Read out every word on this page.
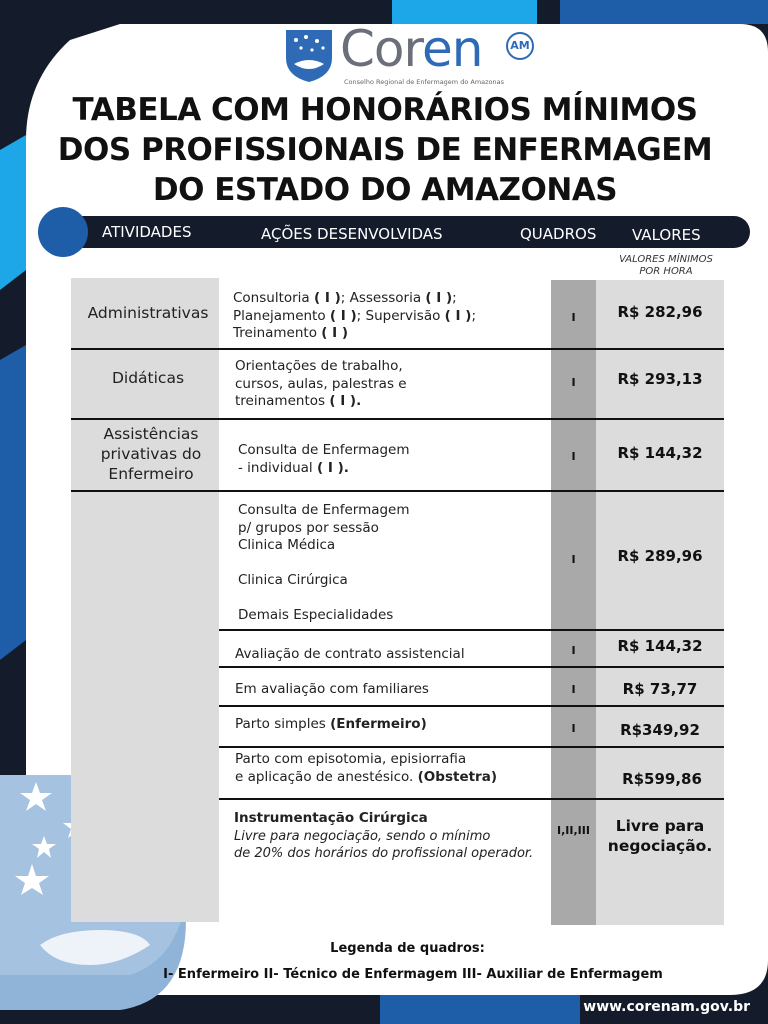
Coren	AM
Conselho Regional de Enfermagem do Amazonas
TABELA COM HONORÁRIOS MÍNIMOS
DOS PROFISSIONAIS DE ENFERMAGEM
DO ESTADO DO AMAZONAS
ATIVIDADES	AÇÕES DESENVOLVIDAS	QUADROS VALORES
VALORES MÍNIMOS
POR HORA
Administrativas
Consultoria ( I ); Assessoria ( I );
Planejamento ( I ); Supervisão ( I );
Treinamento ( I )
I	R$ 282,96
Didáticas
Orientações de trabalho,
cursos, aulas, palestras e
treinamentos ( I ).
I	R$ 293,13
Assistências
privativas do
Enfermeiro
Consulta de Enfermagem
- individual ( I ).
I	R$ 144,32
Consulta de Enfermagem
p/ grupos por sessão
Clinica Médica

Clinica Cirúrgica

Demais Especialidades
I	R$ 289,96
Avaliação de contrato assistencial	I	R$ 144,32
Em avaliação com familiares	I	R$ 73,77
Parto simples (Enfermeiro)	I	R$349,92
Parto com episotomia, episiorrafia
e aplicação de anestésico. (Obstetra)	R$599,86
Instrumentação Cirúrgica
Livre para negociação, sendo o mínimo
de 20% dos horários do profissional operador.
I,II,III	Livre para
negociação.
Legenda de quadros:
I- Enfermeiro II- Técnico de Enfermagem III- Auxiliar de Enfermagem
www.corenam.gov.br
